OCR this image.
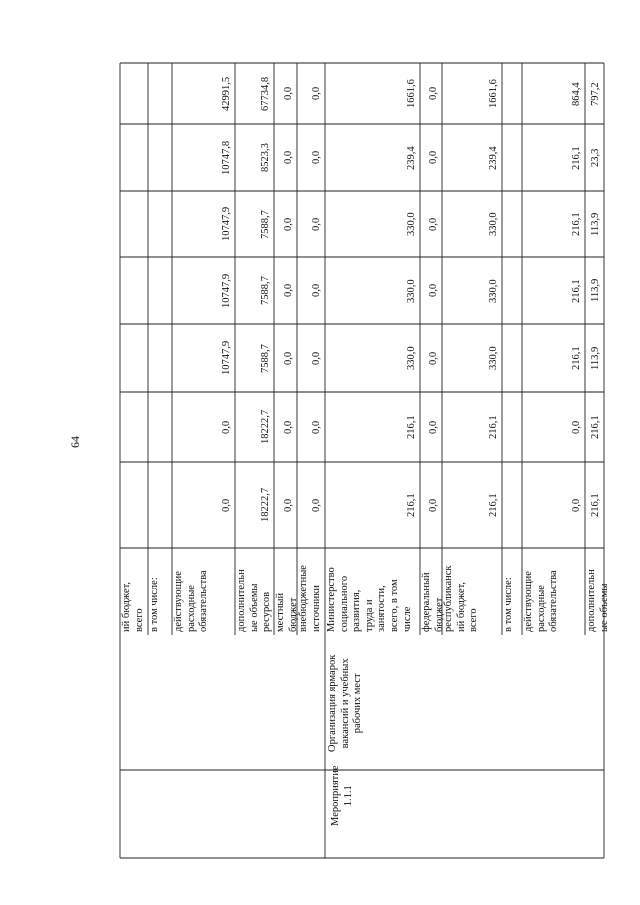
64
ий бюджет, всего в том числе: действующие расходные обязательства	дополнительн ые объемы ресурсов местный бюджет внебюджетные источники Министерство социального развития, труда и занятости, всего, в том числе федеральный бюджет
республиканск ий бюджет, всего в том числе: действующие расходные обязательства	дополнительн ые объемы
Мероприятие 1.1.1
Организация ярмарок вакансий и учебных рабочих мест
42991,5
10747,8
10747,9
10747,9
10747,9
0,0
0,0
67734,8
8523,3
7588,7
7588,7
7588,7
18222,7
18222,7
0,0
0,0
0,0
0,0
0,0
0,0
0,0
0,0
0,0
0,0
0,0
0,0
0,0
0,0
1661,6
239,4
330,0
330,0
330,0
216,1
216,1
0,0
0,0
0,0
0,0
0,0
0,0
0,0
1661,6
239,4
330,0
330,0
330,0
216,1
216,1
864,4
216,1
216,1
216,1
216,1
0,0
0,0
797,2
23,3
113,9
113,9
113,9
216,1
216,1
